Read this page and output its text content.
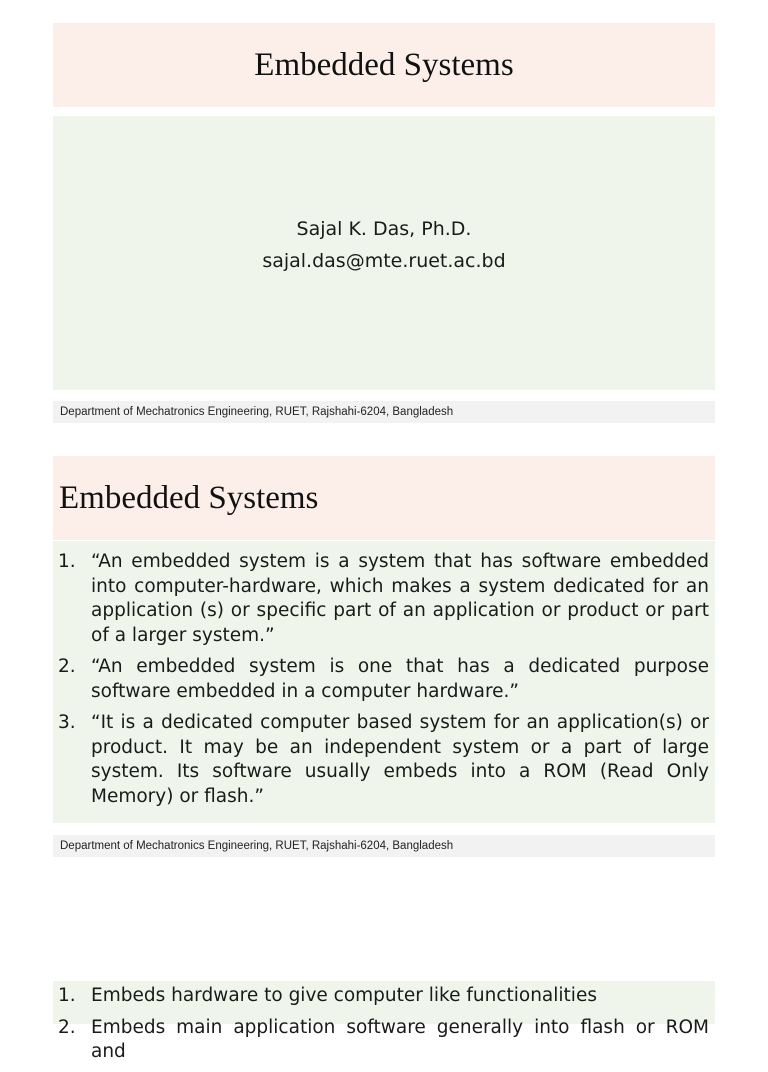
Embedded Systems
Sajal K. Das, Ph.D.
sajal.das@mte.ruet.ac.bd
Department of Mechatronics Engineering, RUET, Rajshahi-6204, Bangladesh
Embedded Systems
1. “An embedded system is a system that has software embedded into computer-hardware, which makes a system dedicated for an application (s) or specific part of an application or product or part of a larger system.”
2. “An embedded system is one that has a dedicated purpose software embedded in a computer hardware.”
3. “It is a dedicated computer based system for an application(s) or product. It may be an independent system or a part of large system. Its software usually embeds into a ROM (Read Only Memory) or flash.”
Department of Mechatronics Engineering, RUET, Rajshahi-6204, Bangladesh
1. Embeds hardware to give computer like functionalities
2. Embeds main application software generally into flash or ROM and
